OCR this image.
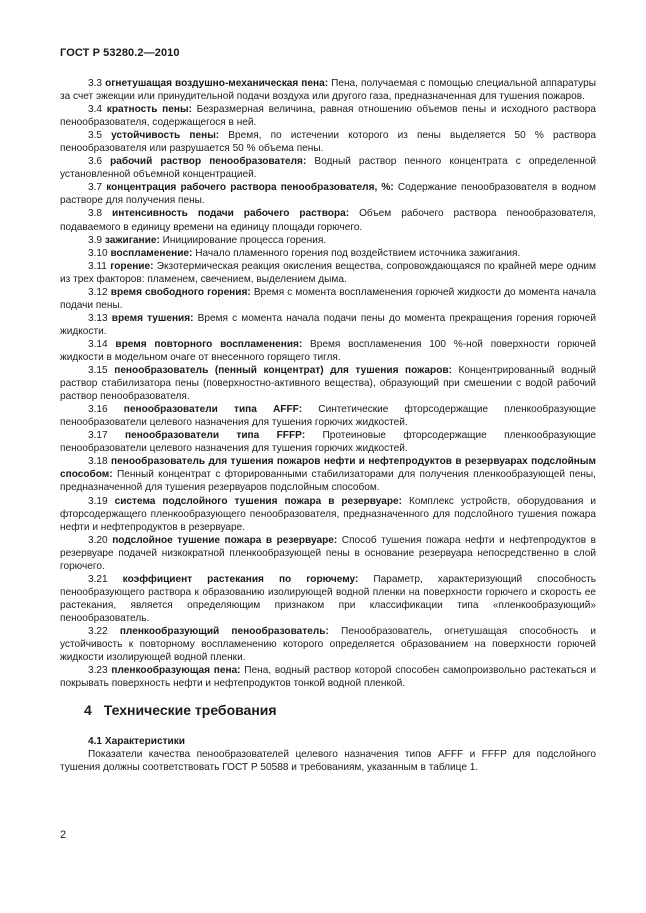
ГОСТ Р 53280.2—2010

3.3 огнетушащая воздушно-механическая пена: Пена, получаемая с помощью специальной аппаратуры за счет эжекции или принудительной подачи воздуха или другого газа, предназначенная для тушения пожаров.

3.4 кратность пены: Безразмерная величина, равная отношению объемов пены и исходного раствора пенообразователя, содержащегося в ней.

3.5 устойчивость пены: Время, по истечении которого из пены выделяется 50 % раствора пенообразователя или разрушается 50 % объема пены.

3.6 рабочий раствор пенообразователя: Водный раствор пенного концентрата с определенной установленной объемной концентрацией.

3.7 концентрация рабочего раствора пенообразователя, %: Содержание пенообразователя в водном растворе для получения пены.

3.8 интенсивность подачи рабочего раствора: Объем рабочего раствора пенообразователя, подаваемого в единицу времени на единицу площади горючего.

3.9 зажигание: Инициирование процесса горения.

3.10 воспламенение: Начало пламенного горения под воздействием источника зажигания.

3.11 горение: Экзотермическая реакция окисления вещества, сопровождающаяся по крайней мере одним из трех факторов: пламенем, свечением, выделением дыма.

3.12 время свободного горения: Время с момента воспламенения горючей жидкости до момента начала подачи пены.

3.13 время тушения: Время с момента начала подачи пены до момента прекращения горения горючей жидкости.

3.14 время повторного воспламенения: Время воспламенения 100 %-ной поверхности горючей жидкости в модельном очаге от внесенного горящего тигля.

3.15 пенообразователь (пенный концентрат) для тушения пожаров: Концентрированный водный раствор стабилизатора пены (поверхностно-активного вещества), образующий при смешении с водой рабочий раствор пенообразователя.

3.16 пенообразователи типа AFFF: Синтетические фторсодержащие пленкообразующие пенообразователи целевого назначения для тушения горючих жидкостей.

3.17 пенообразователи типа FFFP: Протеиновые фторсодержащие пленкообразующие пенообразователи целевого назначения для тушения горючих жидкостей.

3.18 пенообразователь для тушения пожаров нефти и нефтепродуктов в резервуарах подслойным способом: Пенный концентрат с фторированными стабилизаторами для получения пленкообразующей пены, предназначенной для тушения резервуаров подслойным способом.

3.19 система подслойного тушения пожара в резервуаре: Комплекс устройств, оборудования и фторсодержащего пленкообразующего пенообразователя, предназначенного для подслойного тушения пожара нефти и нефтепродуктов в резервуаре.

3.20 подслойное тушение пожара в резервуаре: Способ тушения пожара нефти и нефтепродуктов в резервуаре подачей низкократной пленкообразующей пены в основание резервуара непосредственно в слой горючего.

3.21 коэффициент растекания по горючему: Параметр, характеризующий способность пенообразующего раствора к образованию изолирующей водной пленки на поверхности горючего и скорость ее растекания, является определяющим признаком при классификации типа «пленкообразующий» пенообразователь.

3.22 пленкообразующий пенообразователь: Пенообразователь, огнетушащая способность и устойчивость к повторному воспламенению которого определяется образованием на поверхности горючей жидкости изолирующей водной пленки.

3.23 пленкообразующая пена: Пена, водный раствор которой способен самопроизвольно растекаться и покрывать поверхность нефти и нефтепродуктов тонкой водной пленкой.

4 Технические требования

4.1 Характеристики

Показатели качества пенообразователей целевого назначения типов AFFF и FFFP для подслойного тушения должны соответствовать ГОСТ Р 50588 и требованиям, указанным в таблице 1.

2
